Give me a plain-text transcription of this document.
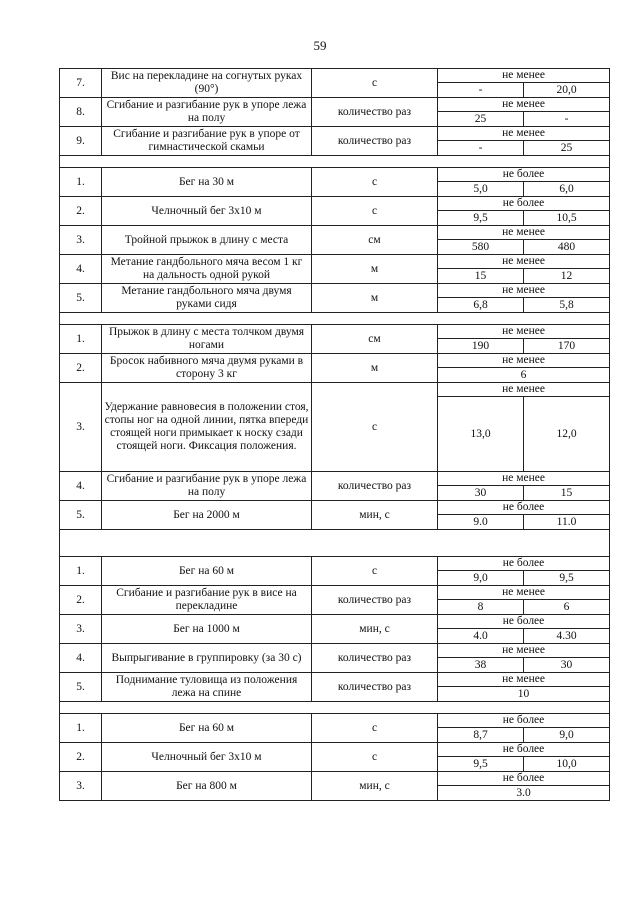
59
7.	Вис на перекладине на согнутых руках (90°)	с	не менее	
			-	20,0
8.	Сгибание и разгибание рук в упоре лежа на полу	количество раз	не менее	
			25	-
9.	Сгибание и разгибание рук в упоре от гимнастической скамьи	количество раз	не менее	
			-	25

1.	Бег на 30 м	с	не более	
			5,0	6,0
2.	Челночный бег 3х10 м	с	не более	
			9,5	10,5
3.	Тройной прыжок в длину с места	см	не менее	
			580	480
4.	Метание гандбольного мяча весом 1 кг на дальность одной рукой	м	не менее	
			15	12
5.	Метание гандбольного мяча двумя руками сидя	м	не менее	
			6,8	5,8

1.	Прыжок в длину с места толчком двумя ногами	см	не менее	
			190	170
2.	Бросок набивного мяча двумя руками в сторону 3 кг	м	не менее	
			6	
3.	Удержание равновесия в положении стоя, стопы ног на одной линии, пятка впереди стоящей ноги примыкает к носку сзади стоящей ноги. Фиксация положения.	с	не менее	
			13,0	12,0
4.	Сгибание и разгибание рук в упоре лежа на полу	количество раз	не менее	
			30	15
5.	Бег на 2000 м	мин, с	не более	
			9.0	11.0

1.	Бег на 60 м	с	не более	
			9,0	9,5
2.	Сгибание и разгибание рук в висе на перекладине	количество раз	не менее	
			8	6
3.	Бег на 1000 м	мин, с	не более	
			4.0	4.30
4.	Выпрыгивание в группировку (за 30 с)	количество раз	не менее	
			38	30
5.	Поднимание туловища из положения лежа на спине	количество раз	не менее	
			10	

1.	Бег на 60 м	с	не более	
			8,7	9,0
2.	Челночный бег 3х10 м	с	не более	
			9,5	10,0
3.	Бег на 800 м	мин, с	не более	
			3.0	
